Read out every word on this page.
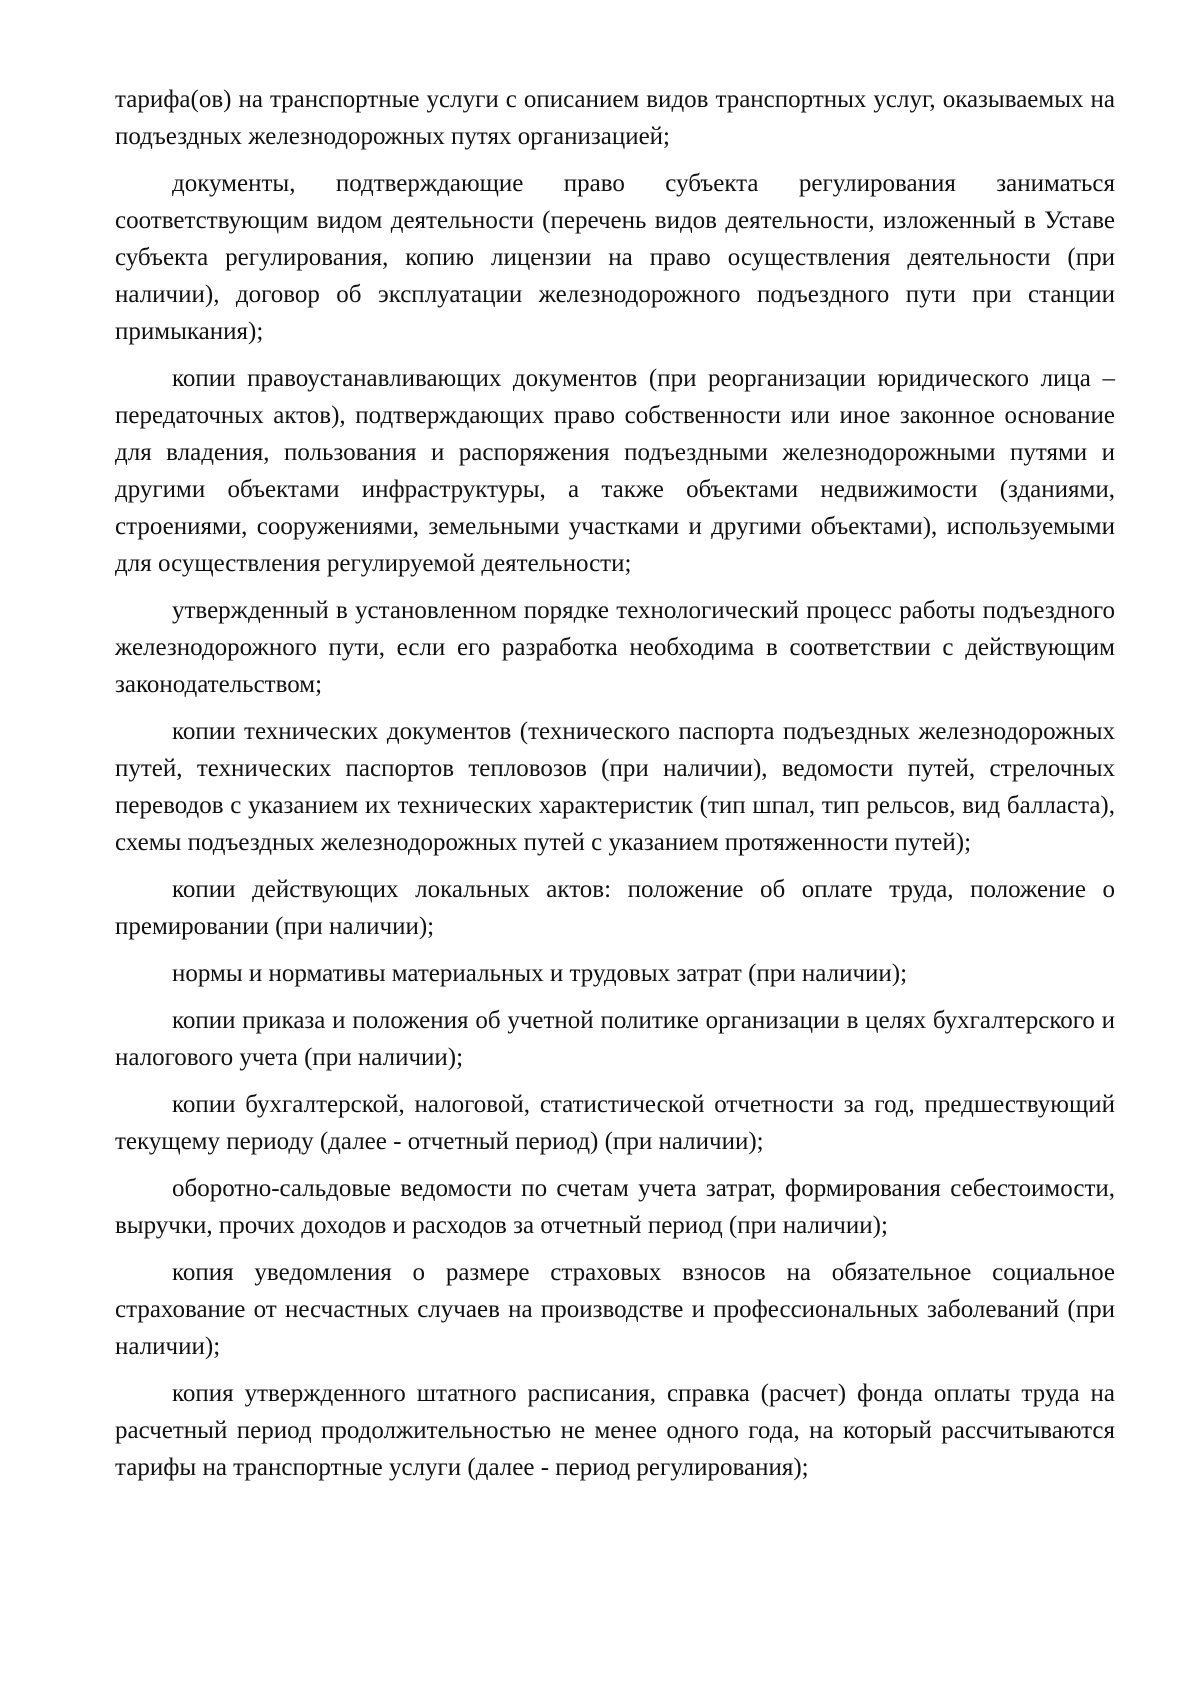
тарифа(ов) на транспортные услуги с описанием видов транспортных услуг, оказываемых на подъездных железнодорожных путях организацией;

документы, подтверждающие право субъекта регулирования заниматься соответствующим видом деятельности (перечень видов деятельности, изложенный в Уставе субъекта регулирования, копию лицензии на право осуществления деятельности (при наличии), договор об эксплуатации железнодорожного подъездного пути при станции примыкания);

копии правоустанавливающих документов (при реорганизации юридического лица – передаточных актов), подтверждающих право собственности или иное законное основание для владения, пользования и распоряжения подъездными железнодорожными путями и другими объектами инфраструктуры, а также объектами недвижимости (зданиями, строениями, сооружениями, земельными участками и другими объектами), используемыми для осуществления регулируемой деятельности;

утвержденный в установленном порядке технологический процесс работы подъездного железнодорожного пути, если его разработка необходима в соответствии с действующим законодательством;

копии технических документов (технического паспорта подъездных железнодорожных путей, технических паспортов тепловозов (при наличии), ведомости путей, стрелочных переводов с указанием их технических характеристик (тип шпал, тип рельсов, вид балласта), схемы подъездных железнодорожных путей с указанием протяженности путей);

копии действующих локальных актов: положение об оплате труда, положение о премировании (при наличии);

нормы и нормативы материальных и трудовых затрат (при наличии);

копии приказа и положения об учетной политике организации в целях бухгалтерского и налогового учета (при наличии);

копии бухгалтерской, налоговой, статистической отчетности за год, предшествующий текущему периоду (далее - отчетный период) (при наличии);

оборотно-сальдовые ведомости по счетам учета затрат, формирования себестоимости, выручки, прочих доходов и расходов за отчетный период (при наличии);

копия уведомления о размере страховых взносов на обязательное социальное страхование от несчастных случаев на производстве и профессиональных заболеваний (при наличии);

копия утвержденного штатного расписания, справка (расчет) фонда оплаты труда на расчетный период продолжительностью не менее одного года, на который рассчитываются тарифы на транспортные услуги (далее - период регулирования);
